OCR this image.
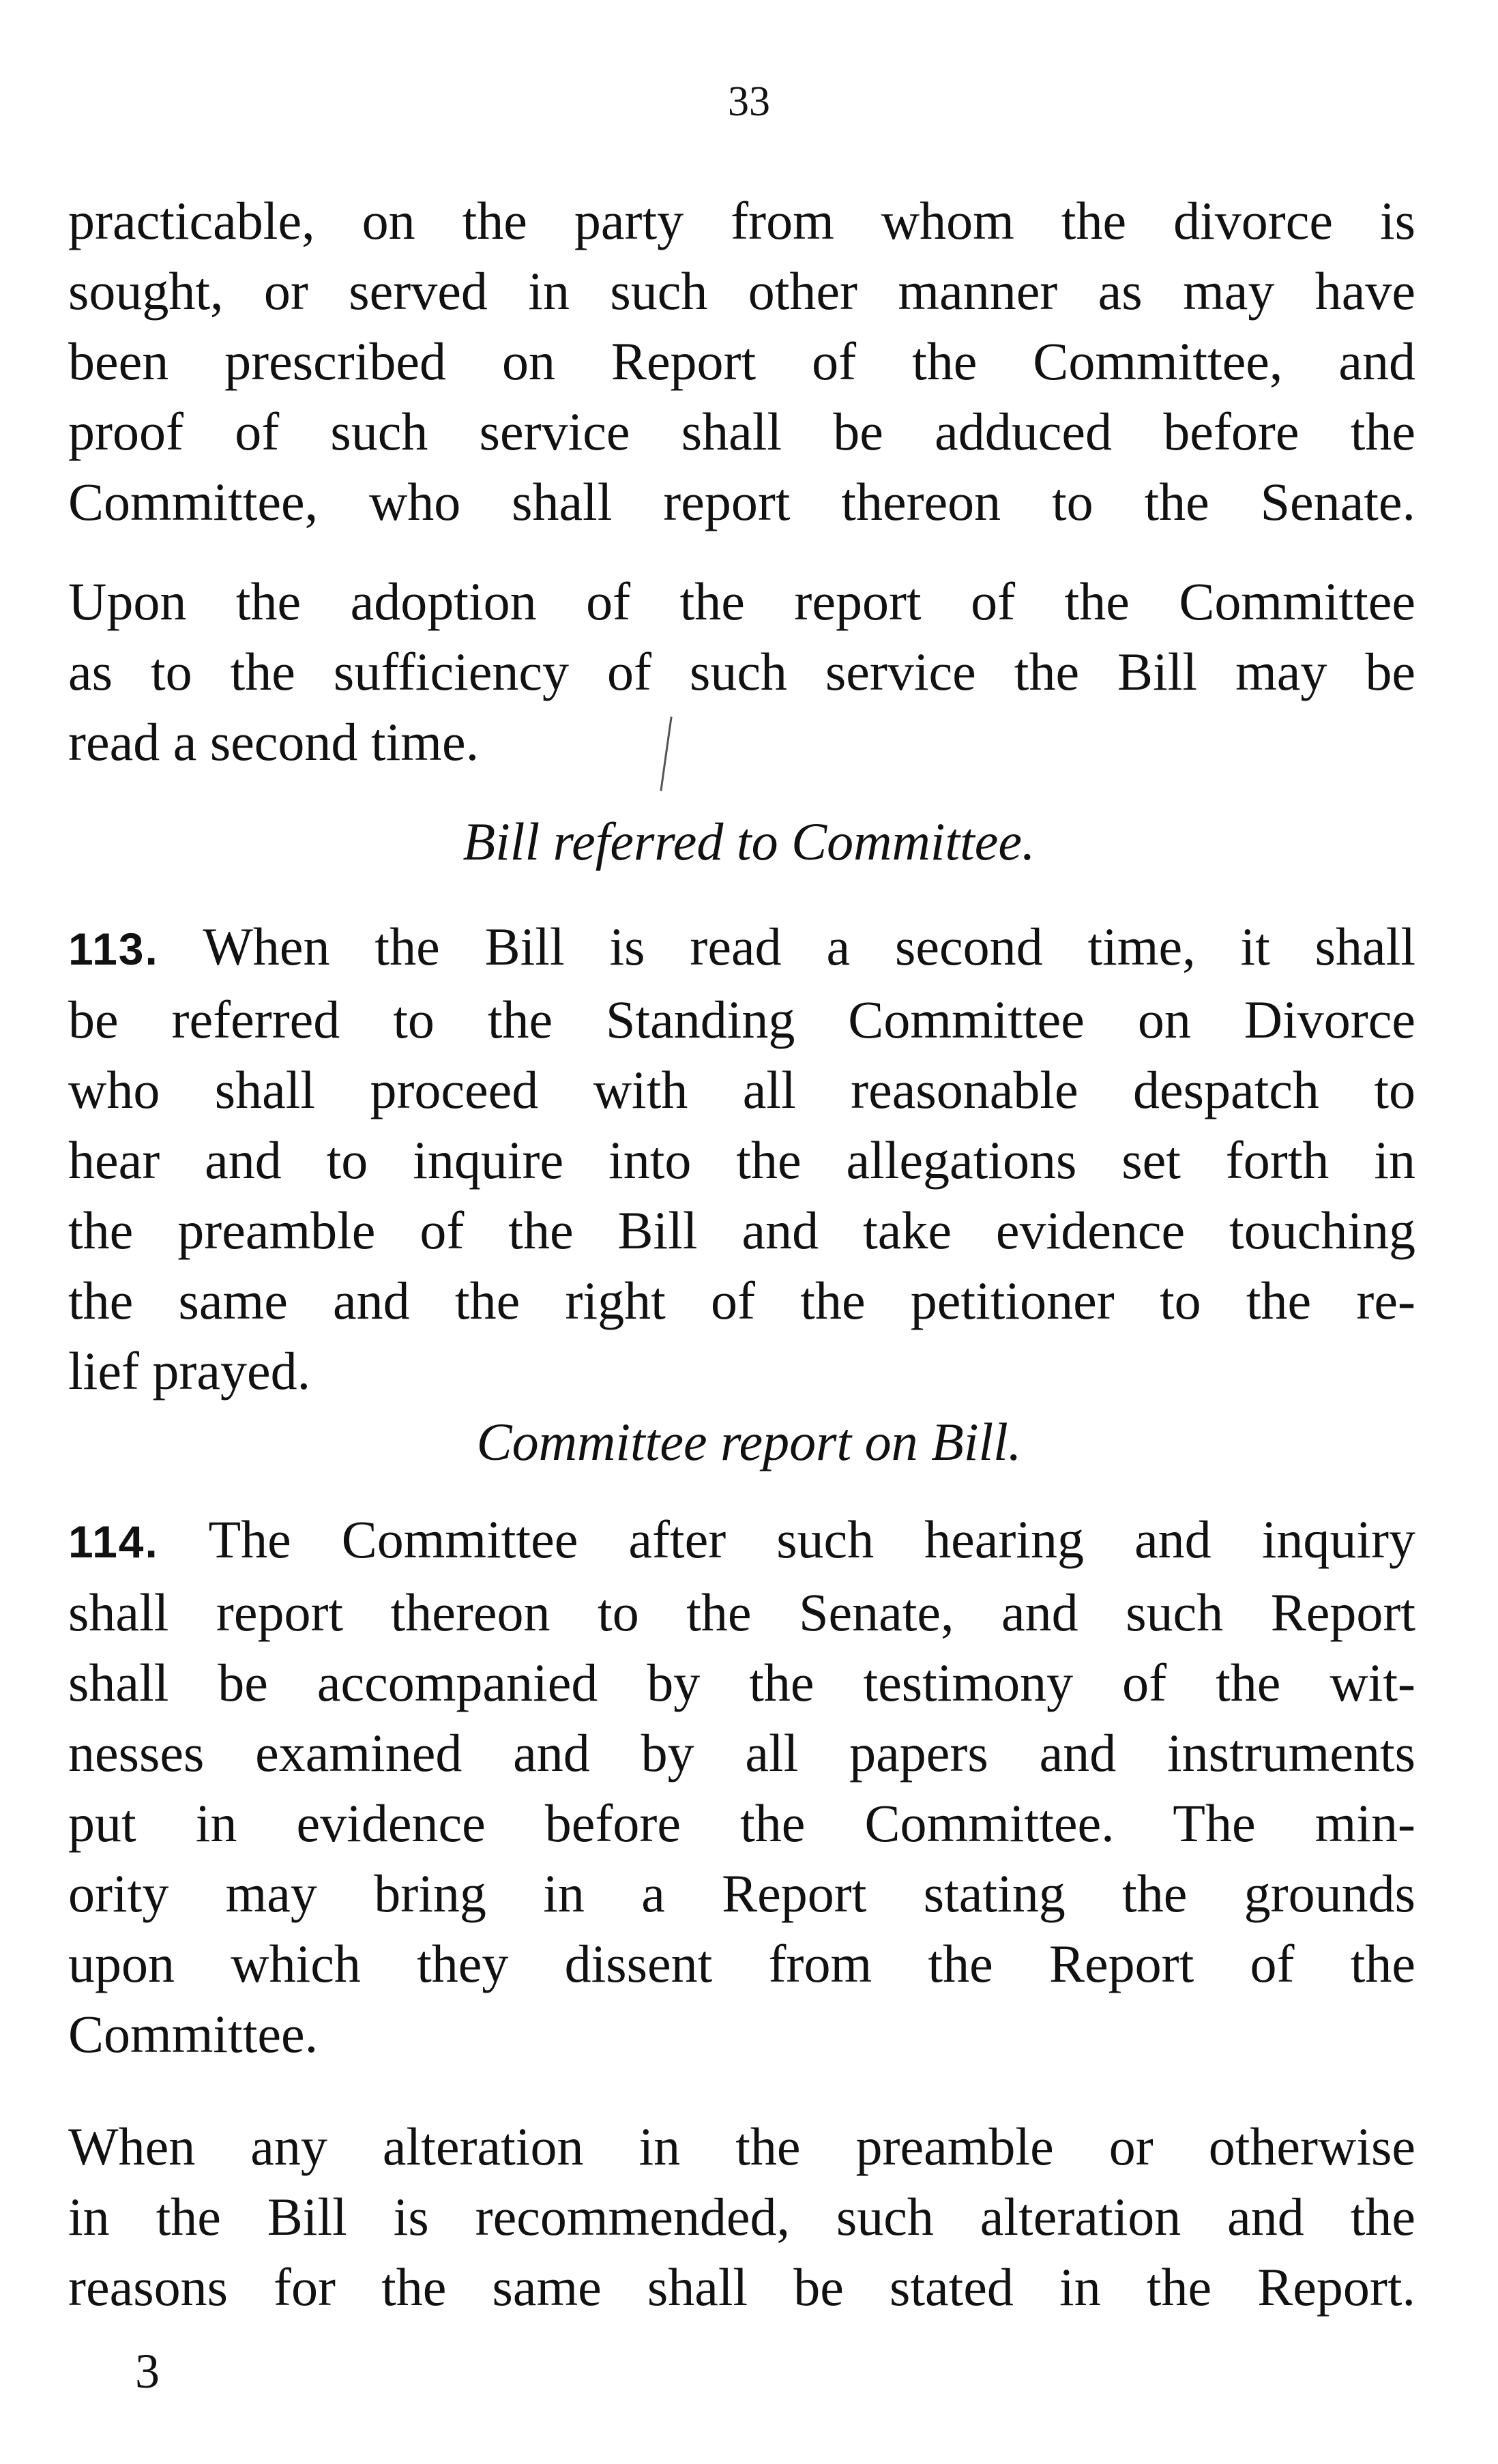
33
practicable, on the party from whom the divorce is
sought, or served in such other manner as may have
been prescribed on Report of the Committee, and
proof of such service shall be adduced before the
Committee, who shall report thereon to the Senate.
Upon the adoption of the report of the Committee
as to the sufficiency of such service the Bill may be
read a second time.
Bill referred to Committee.
113. When the Bill is read a second time, it shall
be referred to the Standing Committee on Divorce
who shall proceed with all reasonable despatch to
hear and to inquire into the allegations set forth in
the preamble of the Bill and take evidence touching
the same and the right of the petitioner to the re-
lief prayed.
Committee report on Bill.
114. The Committee after such hearing and inquiry
shall report thereon to the Senate, and such Report
shall be accompanied by the testimony of the wit-
nesses examined and by all papers and instruments
put in evidence before the Committee. The min-
ority may bring in a Report stating the grounds
upon which they dissent from the Report of the
Committee.
When any alteration in the preamble or otherwise
in the Bill is recommended, such alteration and the
reasons for the same shall be stated in the Report.
3
